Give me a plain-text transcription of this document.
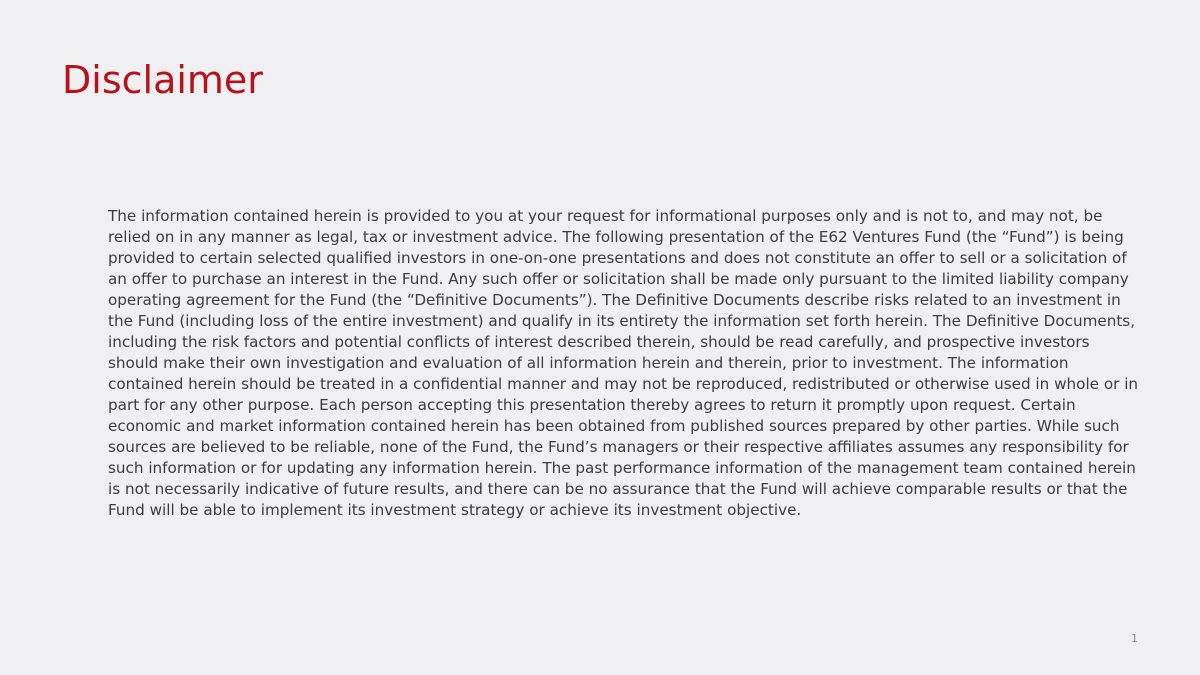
Disclaimer

The information contained herein is provided to you at your request for informational purposes only and is not to, and may not, be relied on in any manner as legal, tax or investment advice. The following presentation of the E62 Ventures Fund (the “Fund”) is being provided to certain selected qualified investors in one-on-one presentations and does not constitute an offer to sell or a solicitation of an offer to purchase an interest in the Fund. Any such offer or solicitation shall be made only pursuant to the limited liability company operating agreement for the Fund (the “Definitive Documents”). The Definitive Documents describe risks related to an investment in the Fund (including loss of the entire investment) and qualify in its entirety the information set forth herein. The Definitive Documents, including the risk factors and potential conflicts of interest described therein, should be read carefully, and prospective investors should make their own investigation and evaluation of all information herein and therein, prior to investment. The information contained herein should be treated in a confidential manner and may not be reproduced, redistributed or otherwise used in whole or in part for any other purpose. Each person accepting this presentation thereby agrees to return it promptly upon request. Certain economic and market information contained herein has been obtained from published sources prepared by other parties. While such sources are believed to be reliable, none of the Fund, the Fund’s managers or their respective affiliates assumes any responsibility for such information or for updating any information herein. The past performance information of the management team contained herein is not necessarily indicative of future results, and there can be no assurance that the Fund will achieve comparable results or that the Fund will be able to implement its investment strategy or achieve its investment objective.

1
